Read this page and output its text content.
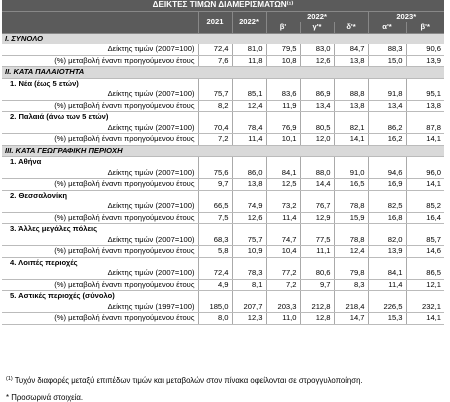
ΔΕΙΚΤΕΣ ΤΙΜΩΝ ΔΙΑΜΕΡΙΣΜΑΤΩΝ⁽¹⁾							
	2021	2022*	2022*			2023*	
			β'	γ'*	δ'*	α'*	β'*
I. ΣΥΝΟΛΟ							
Δείκτης τιμών (2007=100)	72,4	81,0	79,5	83,0	84,7	88,3	90,6
(%) μεταβολή έναντι προηγούμενου έτους	7,6	11,8	10,8	12,6	13,8	15,0	13,9
II. ΚΑΤΑ ΠΑΛΑΙΟΤΗΤΑ							
1. Νέα (έως 5 ετών)							
Δείκτης τιμών (2007=100)	75,7	85,1	83,6	86,9	88,8	91,8	95,1
(%) μεταβολή έναντι προηγούμενου έτους	8,2	12,4	11,9	13,4	13,8	13,4	13,8
2. Παλαιά (άνω των 5 ετών)							
Δείκτης τιμών (2007=100)	70,4	78,4	76,9	80,5	82,1	86,2	87,8
(%) μεταβολή έναντι προηγούμενου έτους	7,2	11,4	10,1	12,0	14,1	16,2	14,1
III. ΚΑΤΑ ΓΕΩΓΡΑΦΙΚΗ ΠΕΡΙΟΧΗ							
1. Αθήνα							
Δείκτης τιμών (2007=100)	75,6	86,0	84,1	88,0	91,0	94,6	96,0
(%) μεταβολή έναντι προηγούμενου έτους	9,7	13,8	12,5	14,4	16,5	16,9	14,1
2. Θεσσαλονίκη							
Δείκτης τιμών (2007=100)	66,5	74,9	73,2	76,7	78,8	82,5	85,2
(%) μεταβολή έναντι προηγούμενου έτους	7,5	12,6	11,4	12,9	15,9	16,8	16,4
3. Άλλες μεγάλες πόλεις							
Δείκτης τιμών (2007=100)	68,3	75,7	74,7	77,5	78,8	82,0	85,7
(%) μεταβολή έναντι προηγούμενου έτους	5,8	10,9	10,4	11,1	12,4	13,9	14,6
4. Λοιπές περιοχές							
Δείκτης τιμών (2007=100)	72,4	78,3	77,2	80,6	79,8	84,1	86,5
(%) μεταβολή έναντι προηγούμενου έτους	4,9	8,1	7,2	9,7	8,3	11,4	12,1
5. Αστικές περιοχές (σύνολο)							
Δείκτης τιμών (1997=100)	185,0	207,7	203,3	212,8	218,4	226,5	232,1
(%) μεταβολή έναντι προηγούμενου έτους	8,0	12,3	11,0	12,8	14,7	15,3	14,1
$^{(1)}$ Τυχόν διαφορές μεταξύ επιπέδων τιμών και μεταβολών στον πίνακα οφείλονται σε στρογγυλοποίηση.
* Προσωρινά στοιχεία.
